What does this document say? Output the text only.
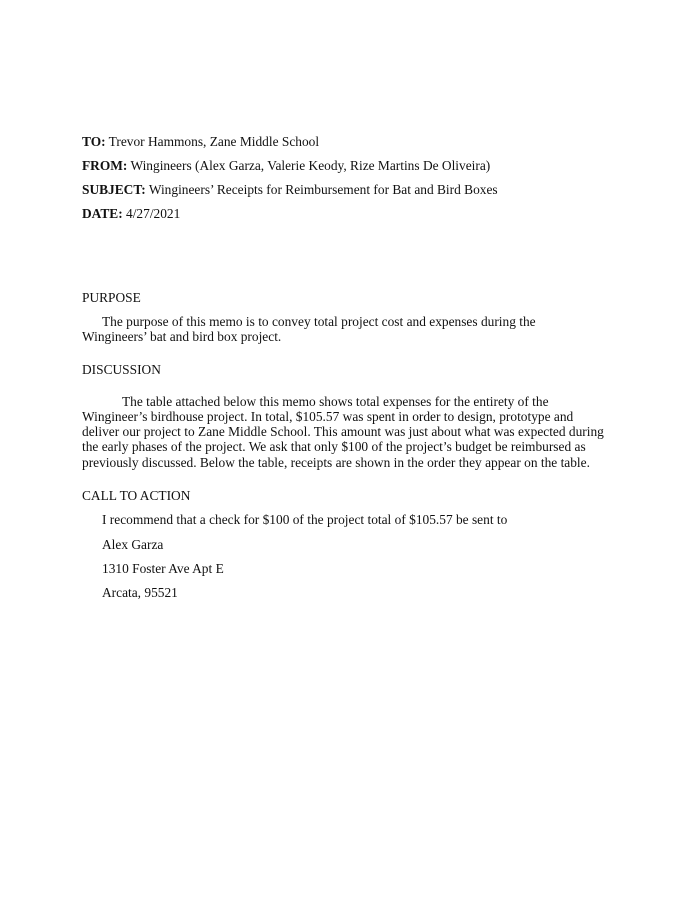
TO: Trevor Hammons, Zane Middle School
FROM: Wingineers (Alex Garza, Valerie Keody, Rize Martins De Oliveira)
SUBJECT: Wingineers’ Receipts for Reimbursement for Bat and Bird Boxes
DATE: 4/27/2021
PURPOSE
The purpose of this memo is to convey total project cost and expenses during the
Wingineers’ bat and bird box project.
DISCUSSION
The table attached below this memo shows total expenses for the entirety of the
Wingineer’s birdhouse project. In total, $105.57 was spent in order to design, prototype and
deliver our project to Zane Middle School. This amount was just about what was expected during
the early phases of the project. We ask that only $100 of the project’s budget be reimbursed as
previously discussed. Below the table, receipts are shown in the order they appear on the table.
CALL TO ACTION
I recommend that a check for $100 of the project total of $105.57 be sent to
Alex Garza
1310 Foster Ave Apt E
Arcata, 95521
